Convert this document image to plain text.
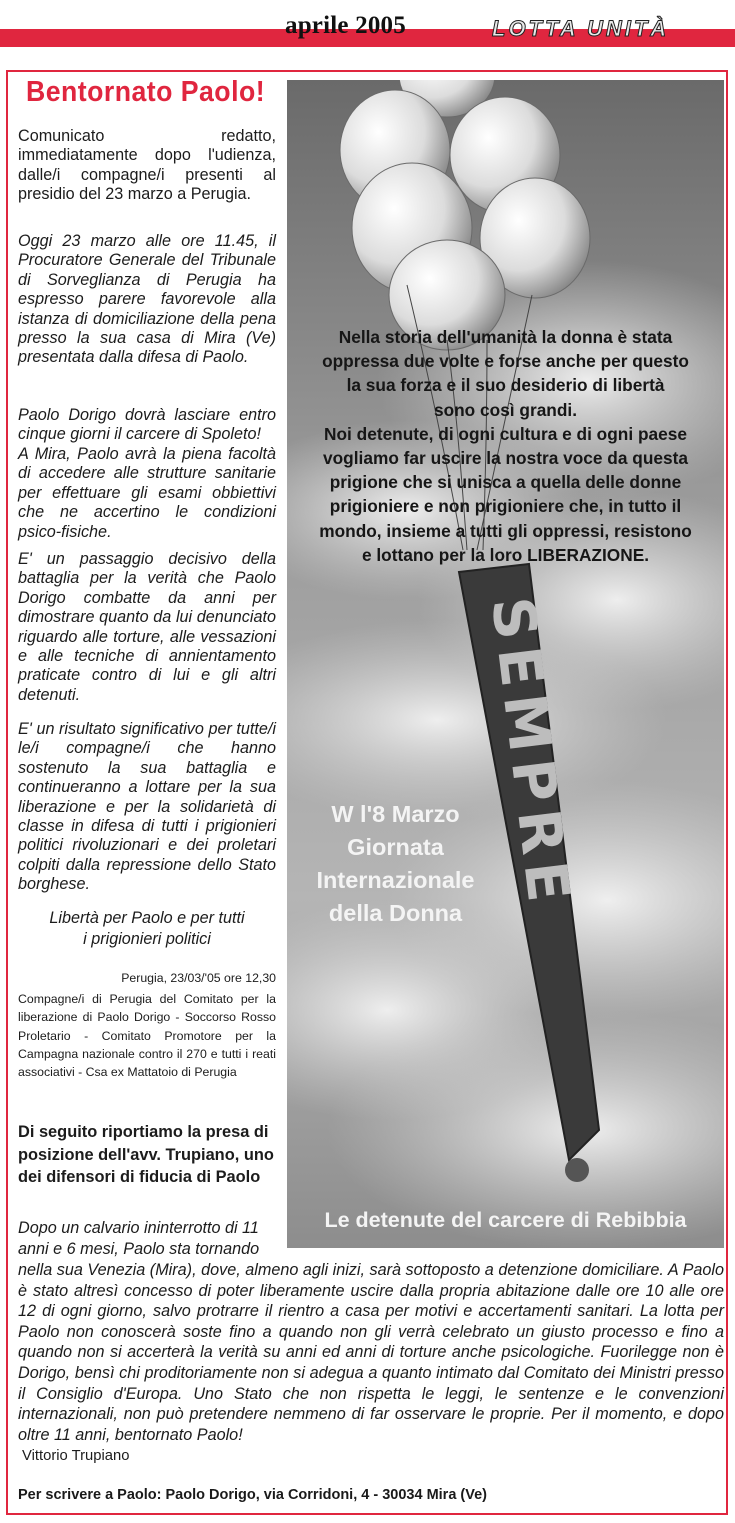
aprile 2005	LOTTA UNITÀ
Bentornato Paolo!
Comunicato redatto, immediatamente dopo l'udienza, dalle/i compagne/i presenti al presidio del 23 marzo a Perugia.
Oggi 23 marzo alle ore 11.45, il Procuratore Generale del Tribunale di Sorveglianza di Perugia ha espresso parere favorevole alla istanza di domiciliazione della pena presso la sua casa di Mira (Ve) presentata dalla difesa di Paolo.
Paolo Dorigo dovrà lasciare entro cinque giorni il carcere di Spoleto!
A Mira, Paolo avrà la piena facoltà di accedere alle strutture sanitarie per effettuare gli esami obbiettivi che ne accertino le condizioni psico-fisiche.
E' un passaggio decisivo della battaglia per la verità che Paolo Dorigo combatte da anni per dimostrare quanto da lui denunciato riguardo alle torture, alle vessazioni e alle tecniche di annientamento praticate contro di lui e gli altri detenuti.
E' un risultato significativo per tutte/i le/i compagne/i che hanno sostenuto la sua battaglia e continueranno a lottare per la sua liberazione e per la solidarietà di classe in difesa di tutti i prigionieri politici rivoluzionari e dei proletari colpiti dalla repressione dello Stato borghese.
Libertà per Paolo e per tutti
i prigionieri politici
Perugia, 23/03/'05 ore 12,30
Compagne/i di Perugia del Comitato per la liberazione di Paolo Dorigo - Soccorso Rosso Proletario - Comitato Promotore per la Campagna nazionale contro il 270 e tutti i reati associativi - Csa ex Mattatoio di Perugia
Di seguito riportiamo la presa di posizione dell'avv. Trupiano, uno dei difensori di fiducia di Paolo
Dopo un calvario ininterrotto di 11 anni e 6 mesi, Paolo sta tornando
nella sua Venezia (Mira), dove, almeno agli inizi, sarà sottoposto a detenzione domiciliare. A Paolo è stato altresì concesso di poter liberamente uscire dalla propria abitazione dalle ore 10 alle ore 12 di ogni giorno, salvo protrarre il rientro a casa per motivi e accertamenti sanitari. La lotta per Paolo non conoscerà soste fino a quando non gli verrà celebrato un giusto processo e fino a quando non si accerterà la verità su anni ed anni di torture anche psicologiche. Fuorilegge non è Dorigo, bensì chi proditoriamente non si adegua a quanto intimato dal Comitato dei Ministri presso il Consiglio d'Europa. Uno Stato che non rispetta le leggi, le sentenze e le convenzioni internazionali, non può pretendere nemmeno di far osservare le proprie. Per il momento, e dopo oltre 11 anni, bentornato Paolo!
Vittorio Trupiano
Per scrivere a Paolo: Paolo Dorigo, via Corridoni, 4 - 30034 Mira (Ve)
SEMPRE
Nella storia dell'umanità la donna è stata
oppressa due volte e forse anche per questo
la sua forza e il suo desiderio di libertà
sono così grandi.
Noi detenute, di ogni cultura e di ogni paese
vogliamo far uscire la nostra voce da questa
prigione che si unisca a quella delle donne
prigioniere e non prigioniere che, in tutto il
mondo, insieme a tutti gli oppressi, resistono
e lottano per la loro LIBERAZIONE.
W l'8 Marzo
Giornata
Internazionale
della Donna
Le detenute del carcere di Rebibbia
